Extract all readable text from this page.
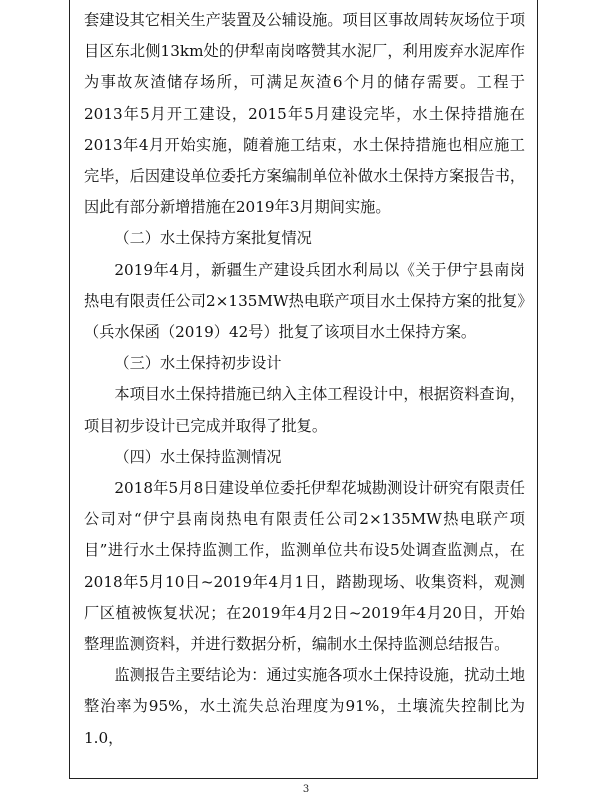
套建设其它相关生产装置及公辅设施。项目区事故周转灰场位于项目区东北侧13km处的伊犁南岗喀赞其水泥厂，利用废弃水泥库作为事故灰渣储存场所，可满足灰渣6个月的储存需要。工程于2013年5月开工建设，2015年5月建设完毕，水土保持措施在2013年4月开始实施，随着施工结束，水土保持措施也相应施工完毕，后因建设单位委托方案编制单位补做水土保持方案报告书，因此有部分新增措施在2019年3月期间实施。

（二）水土保持方案批复情况

2019年4月，新疆生产建设兵团水利局以《关于伊宁县南岗热电有限责任公司2×135MW热电联产项目水土保持方案的批复》（兵水保函（2019）42号）批复了该项目水土保持方案。

（三）水土保持初步设计

本项目水土保持措施已纳入主体工程设计中，根据资料查询，项目初步设计已完成并取得了批复。

（四）水土保持监测情况

2018年5月8日建设单位委托伊犁花城勘测设计研究有限责任公司对“伊宁县南岗热电有限责任公司2×135MW热电联产项目”进行水土保持监测工作，监测单位共布设5处调查监测点，在2018年5月10日~2019年4月1日，踏勘现场、收集资料，观测厂区植被恢复状况；在2019年4月2日~2019年4月20日，开始整理监测资料，并进行数据分析，编制水土保持监测总结报告。

监测报告主要结论为：通过实施各项水土保持设施，扰动土地整治率为95%，水土流失总治理度为91%，土壤流失控制比为1.0，

3
